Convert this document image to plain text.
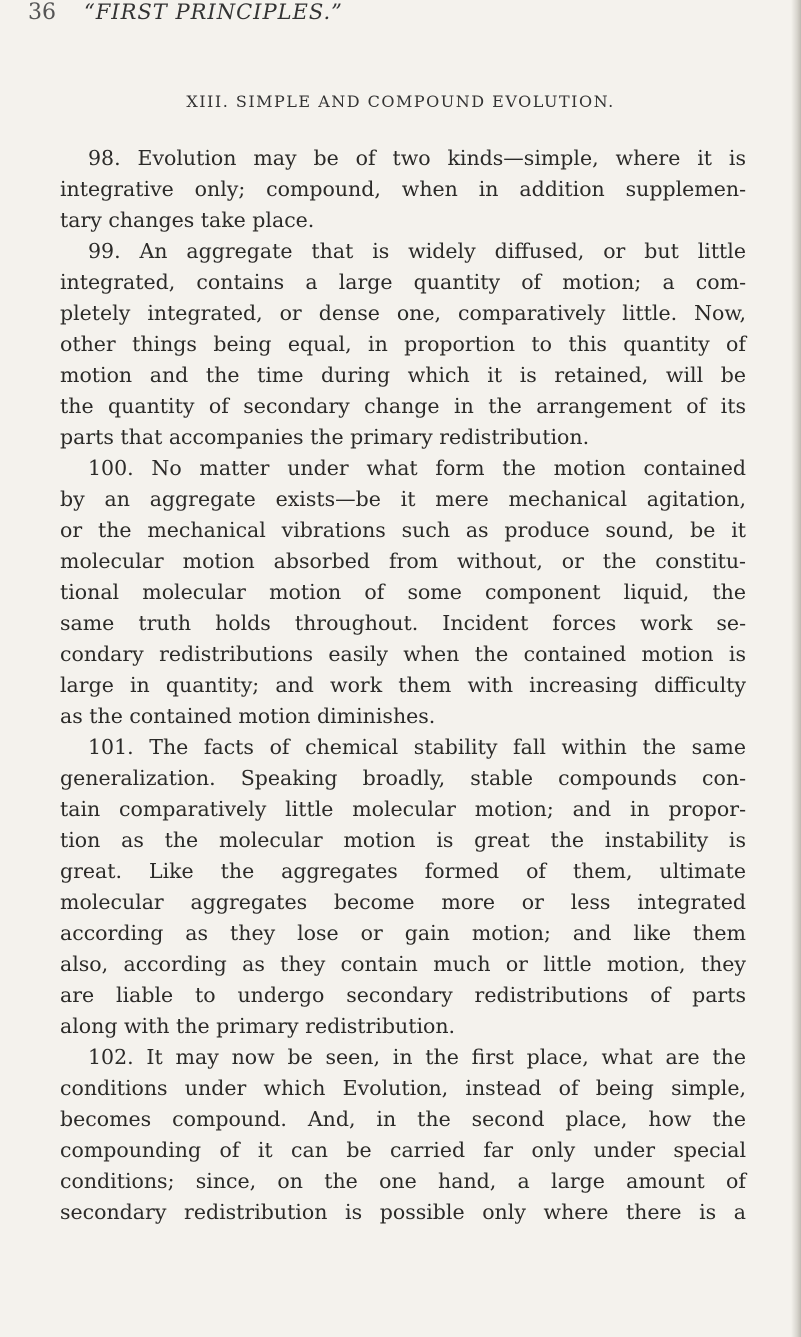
36 “FIRST PRINCIPLES.”
XIII. SIMPLE AND COMPOUND EVOLUTION.
98. Evolution may be of two kinds—simple, where it is
integrative only; compound, when in addition supplemen-
tary changes take place.
99. An aggregate that is widely diffused, or but little
integrated, contains a large quantity of motion; a com-
pletely integrated, or dense one, comparatively little. Now,
other things being equal, in proportion to this quantity of
motion and the time during which it is retained, will be
the quantity of secondary change in the arrangement of its
parts that accompanies the primary redistribution.
100. No matter under what form the motion contained
by an aggregate exists—be it mere mechanical agitation,
or the mechanical vibrations such as produce sound, be it
molecular motion absorbed from without, or the constitu-
tional molecular motion of some component liquid, the
same truth holds throughout. Incident forces work se-
condary redistributions easily when the contained motion is
large in quantity; and work them with increasing difficulty
as the contained motion diminishes.
101. The facts of chemical stability fall within the same
generalization. Speaking broadly, stable compounds con-
tain comparatively little molecular motion; and in propor-
tion as the molecular motion is great the instability is
great. Like the aggregates formed of them, ultimate
molecular aggregates become more or less integrated
according as they lose or gain motion; and like them
also, according as they contain much or little motion, they
are liable to undergo secondary redistributions of parts
along with the primary redistribution.
102. It may now be seen, in the first place, what are the
conditions under which Evolution, instead of being simple,
becomes compound. And, in the second place, how the
compounding of it can be carried far only under special
conditions; since, on the one hand, a large amount of
secondary redistribution is possible only where there is a
